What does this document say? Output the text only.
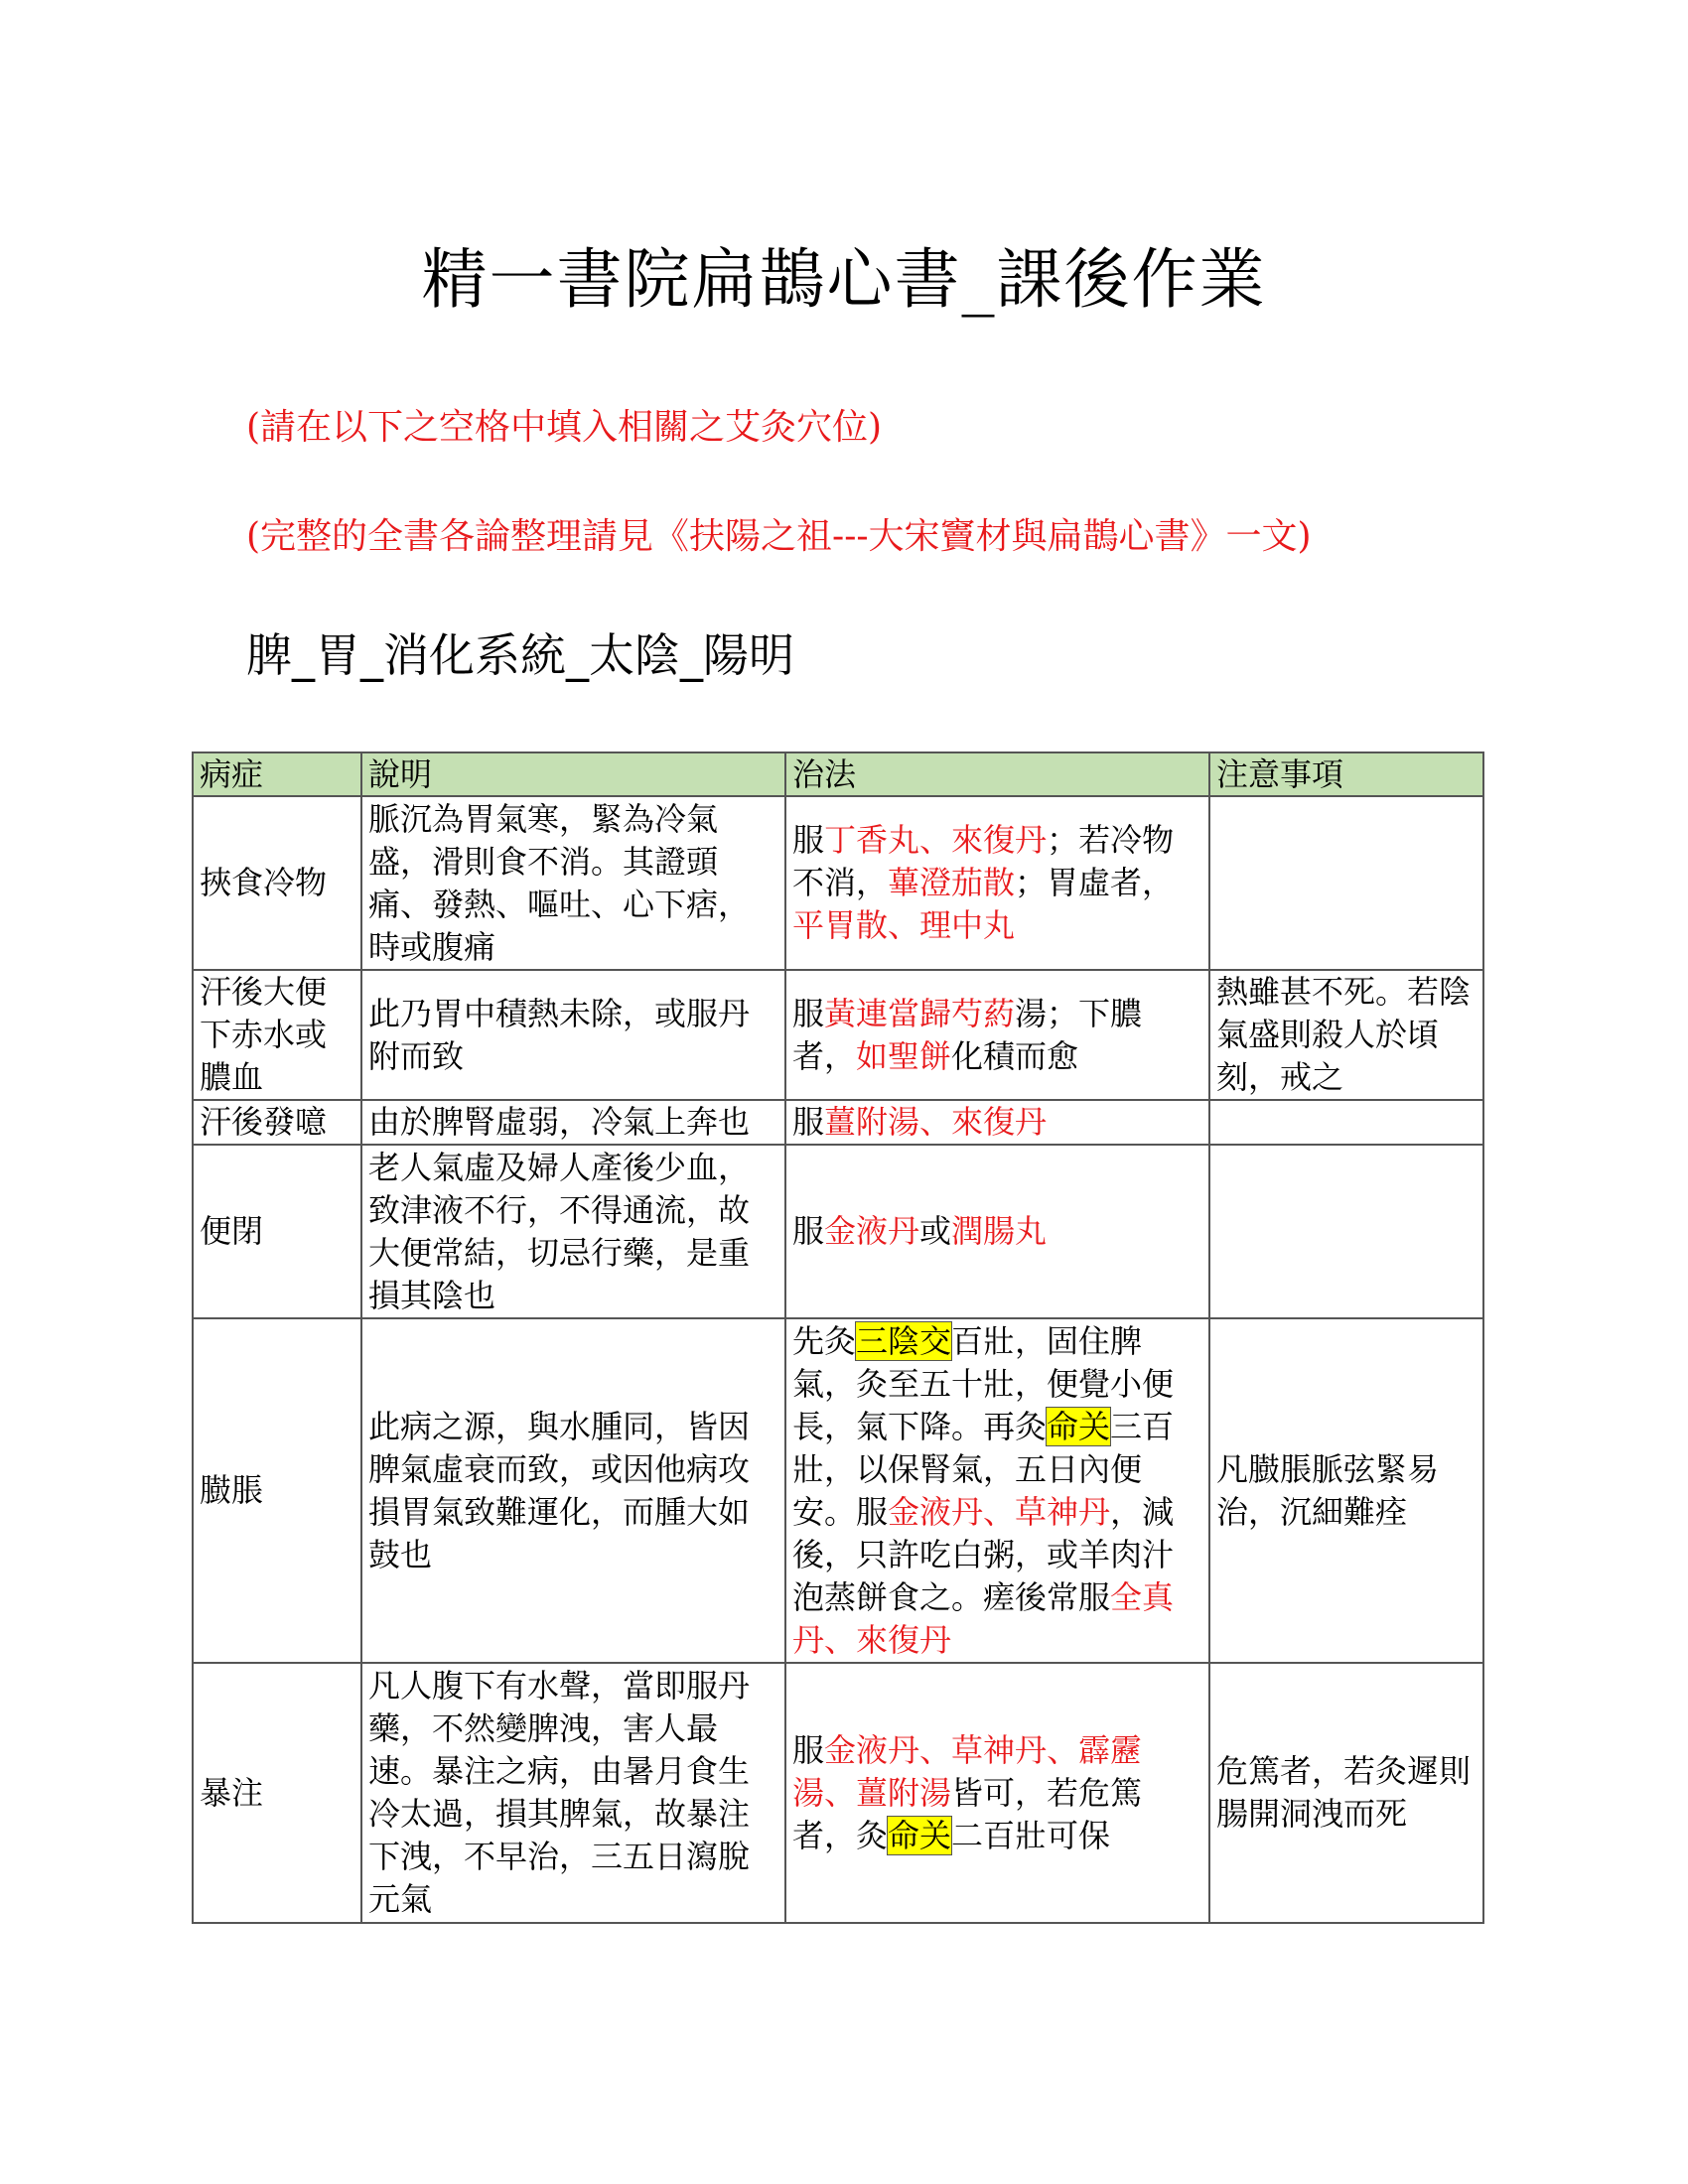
精一書院扁鵲心書_課後作業
(請在以下之空格中填入相關之艾灸穴位)
(完整的全書各論整理請見《扶陽之祖---大宋竇材與扁鵲心書》一文)
脾_胃_消化系統_太陰_陽明
病症	說明	治法	注意事項
挾食冷物	脈沉為胃氣寒，緊為冷氣盛，滑則食不消。其證頭痛、發熱、嘔吐、心下痞，時或腹痛	服丁香丸、來復丹；若冷物不消，蓽澄茄散；胃虛者，平胃散、理中丸	
汗後大便下赤水或膿血	此乃胃中積熱未除，或服丹附而致	服黃連當歸芍葯湯；下膿者，如聖餅化積而愈	熱雖甚不死。若陰氣盛則殺人於頃刻，戒之
汗後發噫	由於脾腎虛弱，冷氣上奔也	服薑附湯、來復丹	
便閉	老人氣虛及婦人產後少血，致津液不行，不得通流，故大便常結，切忌行藥，是重損其陰也	服金液丹或潤腸丸	
臌脹	此病之源，與水腫同，皆因脾氣虛衰而致，或因他病攻損胃氣致難運化，而腫大如鼓也	先灸三陰交百壯，固住脾氣，灸至五十壯，便覺小便長，氣下降。再灸命关三百壯，以保腎氣，五日內便安。服金液丹、草神丹，減後，只許吃白粥，或羊肉汁泡蒸餅食之。瘥後常服全真丹、來復丹	凡臌脹脈弦緊易治，沉細難痊
暴注	凡人腹下有水聲，當即服丹藥，不然變脾洩，害人最速。暴注之病，由暑月食生冷太過，損其脾氣，故暴注下洩，不早治，三五日瀉脫元氣	服金液丹、草神丹、霹靂湯、薑附湯皆可，若危篤者，灸命关二百壯可保	危篤者，若灸遲則腸開洞洩而死
